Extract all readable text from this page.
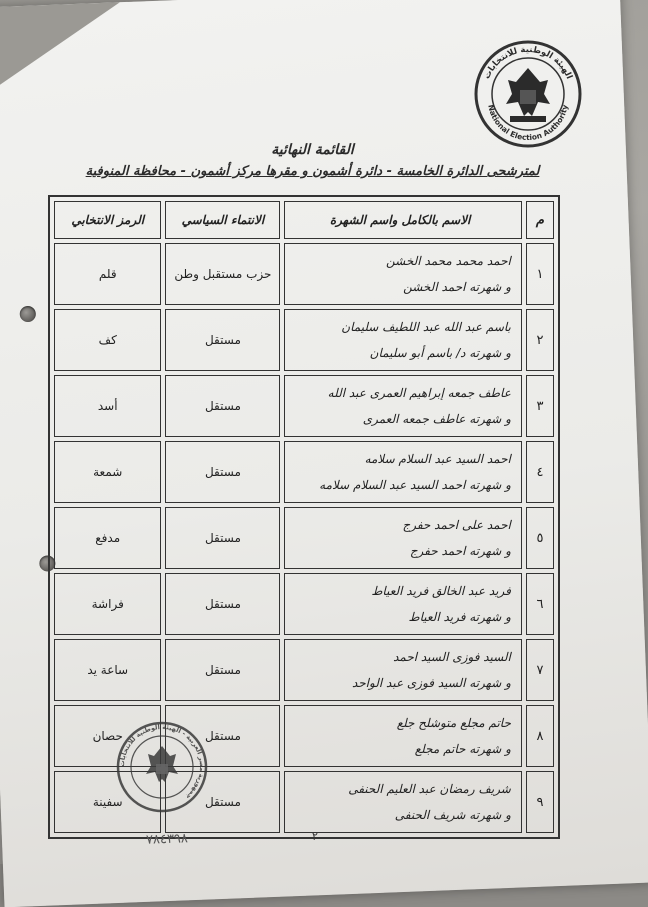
الهيئة الوطنية للانتخابات
National Election Authority
القائمة النهائية
لمترشحى الدائرة الخامسة - دائرة أشمون و مقرها مركز أشمون - محافظة المنوفية
م	الاسم بالكامل واسم الشهرة	الانتماء السياسي	الرمز الانتخابي
١	احمد محمد محمد الخشن
و شهرته احمد الخشن	حزب مستقبل وطن	قلم
٢	باسم عبد الله عبد اللطيف سليمان
و شهرته د/ باسم أبو سليمان	مستقل	كف
٣	عاطف جمعه إبراهيم العمرى عبد الله
و شهرته عاطف جمعه العمرى	مستقل	أسد
٤	احمد السيد عبد السلام سلامه
و شهرته احمد السيد عبد السلام سلامه	مستقل	شمعة
٥	احمد على احمد حفرج
و شهرته احمد حفرج	مستقل	مدفع
٦	فريد عبد الخالق فريد العياط
و شهرته فريد العياط	مستقل	فراشة
٧	السيد فوزى السيد احمد
و شهرته السيد فوزى عبد الواحد	مستقل	ساعة يد
٨	حاتم مجلع متوشلح جلع
و شهرته حاتم مجلع	مستقل	حصان
٩	شريف رمضان عبد العليم الحنفى
و شهرته شريف الحنفى	مستقل	سفينة
جمهورية مصر العربية - الهيئة الوطنية للانتخابات
٢
٧٨٤٣٩٨
